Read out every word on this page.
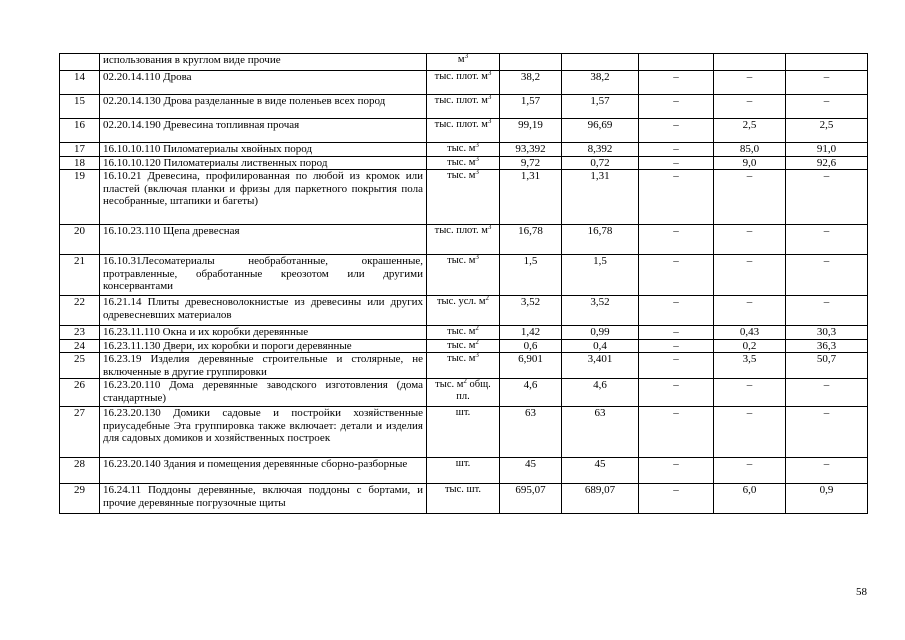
	использования в круглом виде прочие	$м^3$					
14	02.20.14.110 Дрова	тыс. плот. $м^3$	38,2	38,2	–	–	–
15	02.20.14.130 Дрова разделанные в виде поленьев всех пород	тыс. плот. $м^3$	1,57	1,57	–	–	–
16	02.20.14.190 Древесина топливная прочая	тыс. плот. $м^3$	99,19	96,69	–	2,5	2,5
17	16.10.10.110 Пиломатериалы хвойных пород	тыс. $м^3$	93,392	8,392	–	85,0	91,0
18	16.10.10.120 Пиломатериалы лиственных пород	тыс. $м^3$	9,72	0,72	–	9,0	92,6
19	16.10.21 Древесина, профилированная по любой из кромок или пластей (включая планки и фризы для паркетного покрытия пола несобранные, штапики и багеты)	тыс. $м^3$	1,31	1,31	–	–	–
20	16.10.23.110 Щепа древесная	тыс. плот. $м^3$	16,78	16,78	–	–	–
21	16.10.31Лесоматериалы необработанные, окрашенные, протравленные, обработанные креозотом или другими консервантами	тыс. $м^3$	1,5	1,5	–	–	–
22	16.21.14 Плиты древесноволокнистые из древесины или других одревесневших материалов	тыс. усл. $м^2$	3,52	3,52	–	–	–
23	16.23.11.110 Окна и их коробки деревянные	тыс. $м^2$	1,42	0,99	–	0,43	30,3
24	16.23.11.130 Двери, их коробки и пороги деревянные	тыс. $м^2$	0,6	0,4	–	0,2	36,3
25	16.23.19 Изделия деревянные строительные и столярные, не включенные в другие группировки	тыс. $м^3$	6,901	3,401	–	3,5	50,7
26	16.23.20.110 Дома деревянные заводского изготовления (дома стандартные)	тыс. $м^2$ общ. пл.	4,6	4,6	–	–	–
27	16.23.20.130 Домики садовые и постройки хозяйственные приусадебные Эта группировка также включает: детали и изделия для садовых домиков и хозяйственных построек	шт.	63	63	–	–	–
28	16.23.20.140 Здания и помещения деревянные сборно-разборные	шт.	45	45	–	–	–
29	16.24.11 Поддоны деревянные, включая поддоны с бортами, и прочие деревянные погрузочные щиты	тыс. шт.	695,07	689,07	–	6,0	0,9
58
